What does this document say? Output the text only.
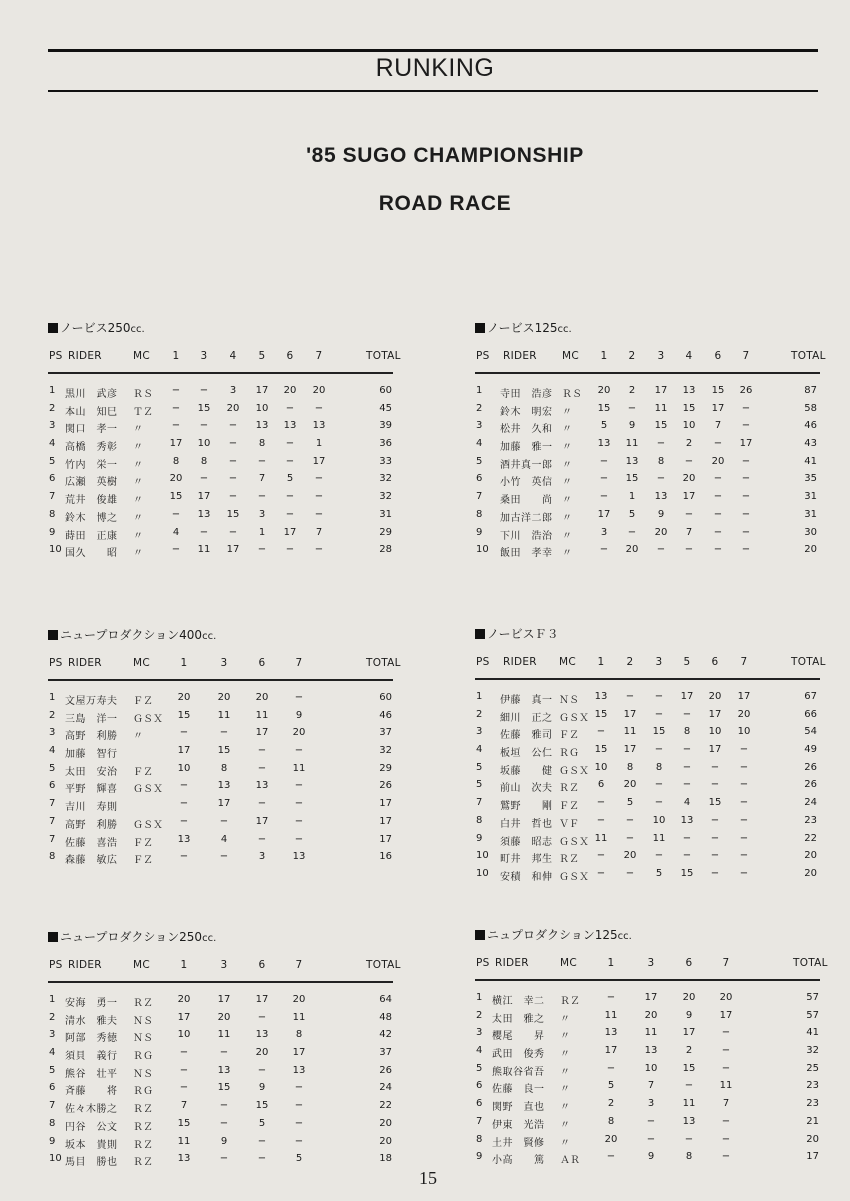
RUNKING
'85 SUGO CHAMPIONSHIP
ROAD RACE
ノービス250cc.
PS RIDER	MC	1	3	4	5	6	7	TOTAL
1 黒川　武彦 ＲＳ	−	−	3	17	20	20	60
2 本山　知巳 ＴＺ	−	15	20	10	−	−	45
3 関口　孝一 〃	−	−	−	13	13	13	39
4 高橋　秀彰 〃	17	10	−	8	−	1	36
5 竹内　栄一 〃	8	8	−	−	−	17	33
6 広瀬　英樹 〃	20	−	−	7	5	−	32
7 荒井　俊雄 〃	15	17	−	−	−	−	32
8 鈴木　博之 〃	−	13	15	3	−	−	31
9 蒔田　正康 〃	4	−	−	1	17	7	29
10 国久　　昭 〃	−	11	17	−	−	−	28
ノービス125cc.
PS RIDER MC	1	2	3	4	6	7	TOTAL
1 寺田　浩彦 ＲＳ	20	2	17	13	15	26	87
2 鈴木　明宏 〃	15	−	11	15	17	−	58
3 松井　久和 〃	5	9	15	10	7	−	46
4 加藤　雅一 〃	13	11	−	2	−	17	43
5 酒井真一郎 〃	−	13	8	−	20	−	41
6 小竹　英信 〃	−	15	−	20	−	−	35
7 桑田　　尚 〃	−	1	13	17	−	−	31
8 加古洋二郎 〃	17	5	9	−	−	−	31
9 下川　浩治 〃	3	−	20	7	−	−	30
10 飯田　孝幸 〃	−	20	−	−	−	−	20
ニュープロダクション400cc.
PS RIDER	MC	1	3	6	7	TOTAL
1 文屋万寿夫 ＦＺ	20	20	20	−	60
2 三島　洋一 ＧＳＸ	15	11	11	9	46
3 高野　利勝 〃	−	−	17	20	37
4 加藤　智行	17	15	−	−	32
5 太田　安治 ＦＺ	10	8	−	11	29
6 平野　輝喜 ＧＳＸ	−	13	13	−	26
7 吉川　寿則	−	17	−	−	17
7 高野　利勝 ＧＳＸ	−	−	17	−	17
7 佐藤　喜浩 ＦＺ	13	4	−	−	17
8 森藤　敏広 ＦＺ	−	−	3	13	16
ノービスＦ３
PS RIDER MC	1	2	3	5	6	7	TOTAL
1 伊藤　真一 ＮＳ	13	−	−	17	20	17	67
2 細川　正之 ＧＳＸ 15	17	−	−	17	20	66
3 佐藤　雅司 ＦＺ	−	11	15	8	10	10	54
4 板垣　公仁 ＲＧ	15	17	−	−	17	−	49
5 坂藤　　健 ＧＳＸ 10	8	8	−	−	−	26
5 前山　次夫 ＲＺ	6	20	−	−	−	−	26
7 鷲野　　剛 ＦＺ	−	5	−	4	15	−	24
8 白井　哲也 ＶＦ	−	−	10	13	−	−	23
9 須藤　昭志 ＧＳＸ 11	−	11	−	−	−	22
10 町井　邦生 ＲＺ	−	20	−	−	−	−	20
10 安積　和伸 ＧＳＸ −	−	5	15	−	−	20
ニュープロダクション250cc.
PS RIDER	MC	1	3	6	7	TOTAL
1 安海　勇一 ＲＺ	20	17	17	20	64
2 清水　雅夫 ＮＳ	17	20	−	11	48
3 阿部　秀徳 ＮＳ	10	11	13	8	42
4 須貝　義行 ＲＧ	−	−	20	17	37
5 熊谷　壮平 ＮＳ	−	13	−	13	26
6 斉藤　　将 ＲＧ	−	15	9	−	24
7 佐々木勝之 ＲＺ	7	−	15	−	22
8 円谷　公文 ＲＺ	15	−	5	−	20
9 坂本　貴則 ＲＺ	11	9	−	−	20
10 馬目　勝也 ＲＺ	13	−	−	5	18
ニュプロダクション125cc.
PS RIDER	MC	1	3	6	7	TOTAL
1 横江　幸二 ＲＺ	−	17	20	20	57
2 太田　雅之 〃	11	20	9	17	57
3 櫻尾　　昇 〃	13	11	17	−	41
4 武田　俊秀 〃	17	13	2	−	32
5 熊取谷省吾 〃	−	10	15	−	25
6 佐藤　良一 〃	5	7	−	11	23
6 関野　直也 〃	2	3	11	7	23
7 伊東　光浩 〃	8	−	13	−	21
8 土井　賢修 〃	20	−	−	−	20
9 小高　　篤 ＡＲ	−	9	8	−	17
15
